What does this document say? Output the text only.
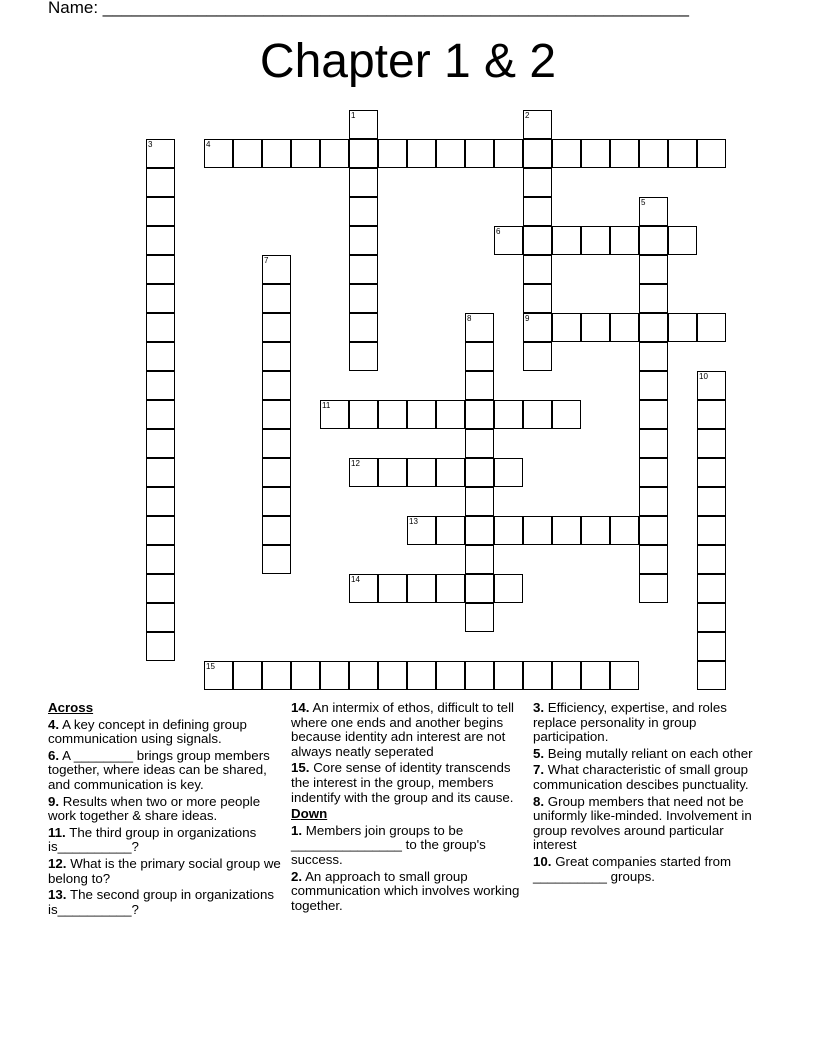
Name: ______________________________________________________________
Chapter 1 & 2
1	2
3	4
5
6
7
8	9
10
11
12
13
14
15
Across

4. A key concept in defining group communication using signals.

6. A ________ brings group members together, where ideas can be shared, and communication is key.

9. Results when two or more people work together & share ideas.

11. The third group in organizations is__________?

12. What is the primary social group we belong to?

13. The second group in organizations is__________?

14. An intermix of ethos, difficult to tell where one ends and another begins because identity adn interest are not always neatly seperated

15. Core sense of identity transcends the interest in the group, members indentify with the group and its cause.

Down

1. Members join groups to be _______________ to the group's success.

2. An approach to small group communication which involves working together.

3. Efficiency, expertise, and roles replace personality in group participation.

5. Being mutally reliant on each other

7. What characteristic of small group communication descibes punctuality.

8. Group members that need not be uniformly like-minded. Involvement in group revolves around particular interest

10. Great companies started from __________ groups.
